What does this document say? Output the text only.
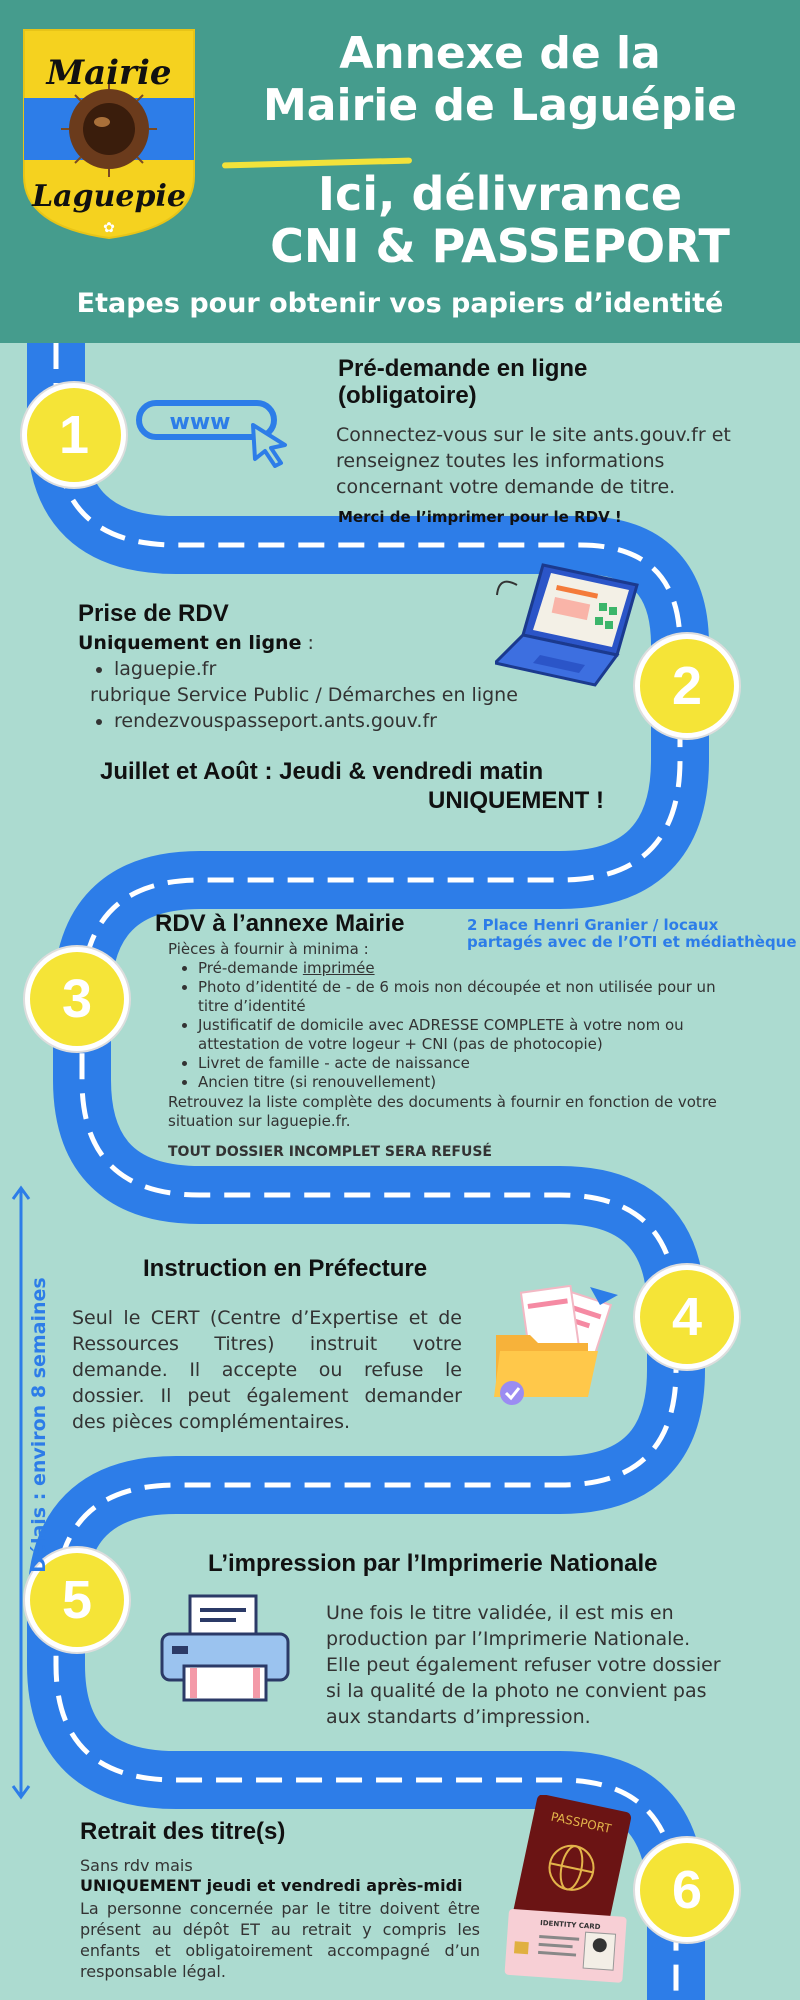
Mairie
Laguepie
✿
Annexe de la
Mairie de Laguépie
Ici, délivrance
CNI & PASSEPORT
Etapes pour obtenir vos papiers d’identité
1
2
3
4
5
6
www
Pré-demande en ligne
(obligatoire)

Connectez-vous sur le site ants.gouv.fr et renseignez toutes les informations concernant votre demande de titre.

Merci de l’imprimer pour le RDV !

Prise de RDV
Uniquement en ligne :
• laguepie.fr
rubrique Service Public / Démarches en ligne
• rendezvouspasseport.ants.gouv.fr
Juillet et Août : Jeudi & vendredi matin
UNIQUEMENT !
RDV à l’annexe Mairie	2 Place Henri Granier / locaux
partagés avec de l’OTI et médiathèque
Pièces à fournir à minima :
• Pré-demande imprimée
• Photo d’identité de - de 6 mois non découpée et non utilisée pour un titre d’identité
• Justificatif de domicile avec ADRESSE COMPLETE à votre nom ou attestation de votre logeur + CNI (pas de photocopie)
• Livret de famille - acte de naissance
• Ancien titre (si renouvellement)

Retrouvez la liste complète des documents à fournir en fonction de votre situation sur laguepie.fr.

TOUT DOSSIER INCOMPLET SERA REFUSÉ

Instruction en Préfecture

Seul le CERT (Centre d’Expertise et de Ressources Titres) instruit votre demande. Il accepte ou refuse le dossier. Il peut également demander des pièces complémentaires.

Délais : environ 8 semaines	L’impression par l’Imprimerie Nationale

Une fois le titre validée, il est mis en production par l’Imprimerie Nationale. Elle peut également refuser votre dossier si la qualité de la photo ne convient pas aux standarts d’impression.

Retrait des titre(s)
Sans rdv mais
UNIQUEMENT jeudi et vendredi après-midi

La personne concernée par le titre doivent être présent au dépôt ET au retrait y compris les enfants et obligatoirement accompagné d’un responsable légal.

PASSPORT
IDENTITY CARD
